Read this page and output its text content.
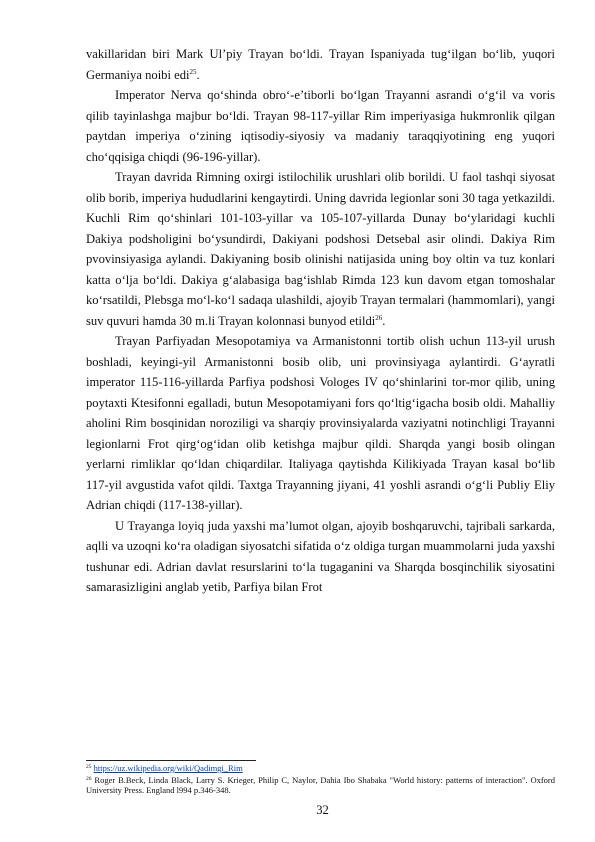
vakillaridan biri Mark Ul’piy Trayan bo‘ldi. Trayan Ispaniyada tug‘ilgan bo‘lib, yuqori Germaniya noibi edi$^{25}$.

Imperator Nerva qo‘shinda obro‘-e’tiborli bo‘lgan Trayanni asrandi o‘g‘il va voris qilib tayinlashga majbur bo‘ldi. Trayan 98-117-yillar Rim imperiyasiga hukmronlik qilgan paytdan imperiya o‘zining iqtisodiy-siyosiy va madaniy taraqqiyotining eng yuqori cho‘qqisiga chiqdi (96-196-yillar).

Trayan davrida Rimning oxirgi istilochilik urushlari olib borildi. U faol tashqi siyosat olib borib, imperiya hududlarini kengaytirdi. Uning davrida legionlar soni 30 taga yetkazildi. Kuchli Rim qo‘shinlari 101-103-yillar va 105-107-yillarda Dunay bo‘ylaridagi kuchli Dakiya podsholigini bo‘ysundirdi, Dakiyani podshosi Detsebal asir olindi. Dakiya Rim pvovinsiyasiga aylandi. Dakiyaning bosib olinishi natijasida uning boy oltin va tuz konlari katta o‘lja bo‘ldi. Dakiya g‘alabasiga bag‘ishlab Rimda 123 kun davom etgan tomoshalar ko‘rsatildi, Plebsga mo‘l-ko‘l sadaqa ulashildi, ajoyib Trayan termalari (hammomlari), yangi suv quvuri hamda 30 m.li Trayan kolonnasi bunyod etildi$^{26}$.

Trayan Parfiyadan Mesopotamiya va Armanistonni tortib olish uchun 113-yil urush boshladi, keyingi-yil Armanistonni bosib olib, uni provinsiyaga aylantirdi. G‘ayratli imperator 115-116-yillarda Parfiya podshosi Vologes IV qo‘shinlarini tor-mor qilib, uning poytaxti Ktesifonni egalladi, butun Mesopotamiyani fors qo‘ltig‘igacha bosib oldi. Mahalliy aholini Rim bosqinidan noroziligi va sharqiy provinsiyalarda vaziyatni notinchligi Trayanni legionlarni Frot qirg‘og‘idan olib ketishga majbur qildi. Sharqda yangi bosib olingan yerlarni rimliklar qo‘ldan chiqardilar. Italiyaga qaytishda Kilikiyada Trayan kasal bo‘lib 117-yil avgustida vafot qildi. Taxtga Trayanning jiyani, 41 yoshli asrandi o‘g‘li Publiy Eliy Adrian chiqdi (117-138-yillar).

U Trayanga loyiq juda yaxshi ma’lumot olgan, ajoyib boshqaruvchi, tajribali sarkarda, aqlli va uzoqni ko‘ra oladigan siyosatchi sifatida o‘z oldiga turgan muammolarni juda yaxshi tushunar edi. Adrian davlat resurslarini to‘la tugaganini va Sharqda bosqinchilik siyosatini samarasizligini anglab yetib, Parfiya bilan Frot

$^{25}$ https://uz.wikipedia.org/wiki/Qadimgi_Rim

$^{26}$ Roger B.Beck, Linda Black, Larry S. Krieger, Philip C, Naylor, Dahia Ibo Shabaka "World history: patterns of interaction". Oxford University Press. England l994 p.346-348.

32
